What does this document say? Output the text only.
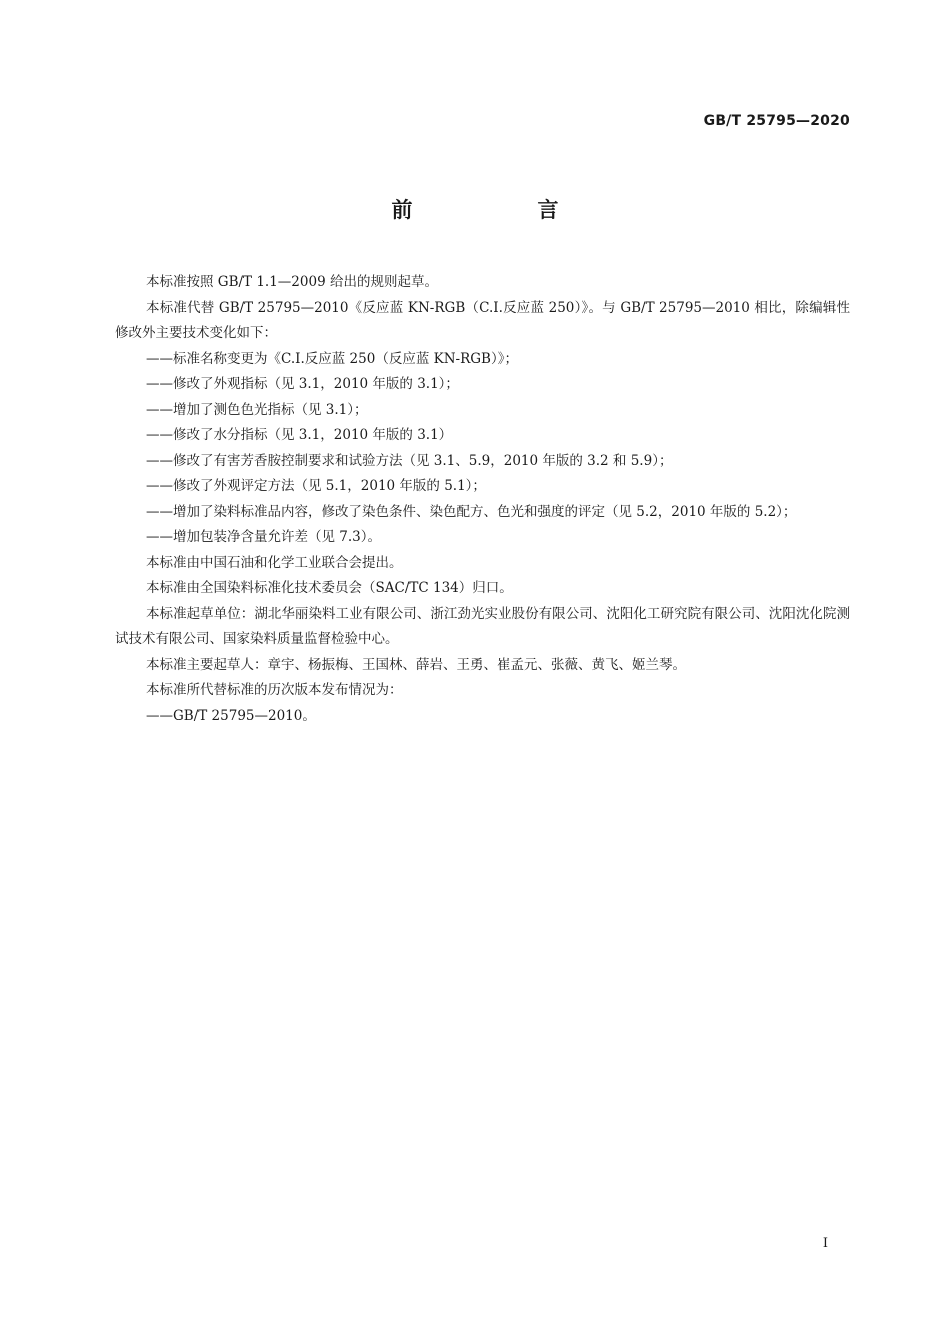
GB/T 25795—2020
前　言

本标准按照 GB/T 1.1—2009 给出的规则起草。

本标准代替 GB/T 25795—2010《反应蓝 KN-RGB（C.I.反应蓝 250）》。与 GB/T 25795—2010 相比，除编辑性修改外主要技术变化如下：

——标准名称变更为《C.I.反应蓝 250（反应蓝 KN-RGB）》；

——修改了外观指标（见 3.1，2010 年版的 3.1）；

——增加了测色色光指标（见 3.1）；

——修改了水分指标（见 3.1，2010 年版的 3.1）

——修改了有害芳香胺控制要求和试验方法（见 3.1、5.9，2010 年版的 3.2 和 5.9）；

——修改了外观评定方法（见 5.1，2010 年版的 5.1）；

——增加了染料标准品内容，修改了染色条件、染色配方、色光和强度的评定（见 5.2，2010 年版的 5.2）；

——增加包装净含量允许差（见 7.3）。

本标准由中国石油和化学工业联合会提出。

本标准由全国染料标准化技术委员会（SAC/TC 134）归口。

本标准起草单位：湖北华丽染料工业有限公司、浙江劲光实业股份有限公司、沈阳化工研究院有限公司、沈阳沈化院测试技术有限公司、国家染料质量监督检验中心。

本标准主要起草人：章宇、杨振梅、王国林、薛岩、王勇、崔孟元、张薇、黄飞、姬兰琴。

本标准所代替标准的历次版本发布情况为：

——GB/T 25795—2010。

I
